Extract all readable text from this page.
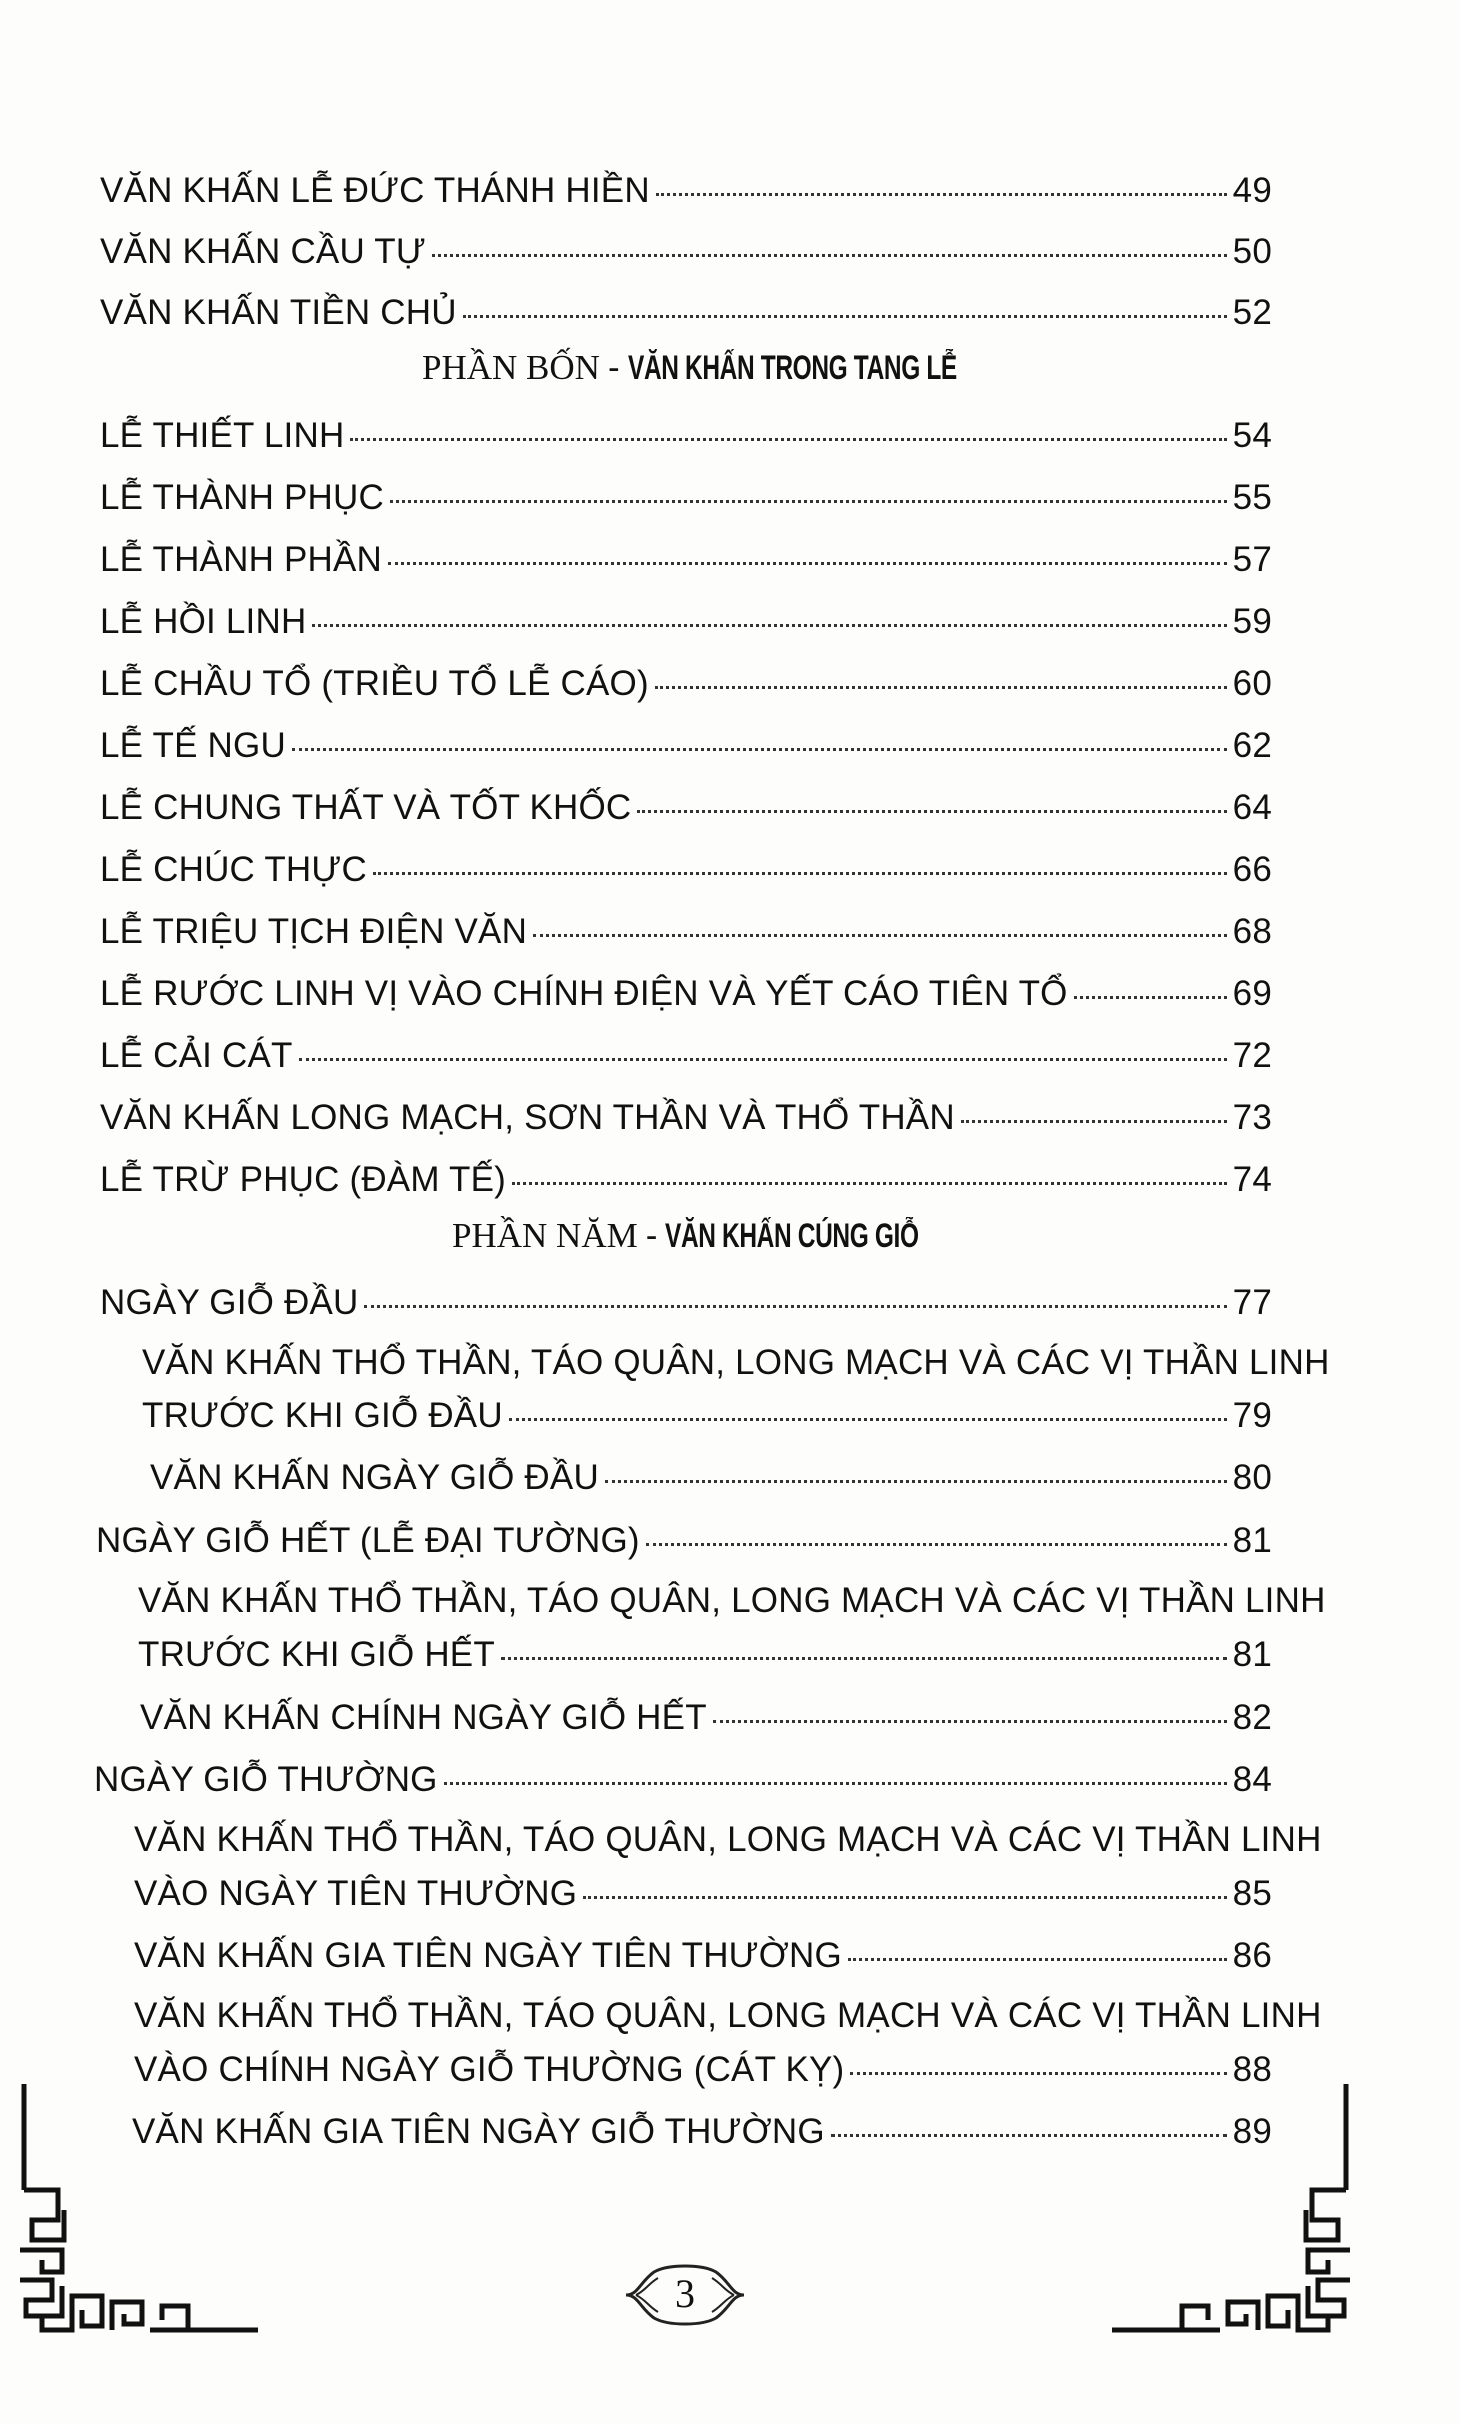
VĂN KHẤN LỄ ĐỨC THÁNH HIỀN	49
VĂN KHẤN CẦU TỰ	50
VĂN KHẤN TIỀN CHỦ	52
PHẦN BỐN - VĂN KHẤN TRONG TANG LỄ
LỄ THIẾT LINH	54
LỄ THÀNH PHỤC	55
LỄ THÀNH PHẦN	57
LỄ HỒI LINH	59
LỄ CHẦU TỔ (TRIỀU TỔ LỄ CÁO)	60
LỄ TẾ NGU	62
LỄ CHUNG THẤT VÀ TỐT KHỐC	64
LỄ CHÚC THỰC	66
LỄ TRIỆU TỊCH ĐIỆN VĂN	68
LỄ RƯỚC LINH VỊ VÀO CHÍNH ĐIỆN VÀ YẾT CÁO TIÊN TỔ	69
LỄ CẢI CÁT	72
VĂN KHẤN LONG MẠCH, SƠN THẦN VÀ THỔ THẦN	73
LỄ TRỪ PHỤC (ĐÀM TẾ)	74
PHẦN NĂM - VĂN KHẤN CÚNG GIỖ
NGÀY GIỖ ĐẦU	77
VĂN KHẤN THỔ THẦN, TÁO QUÂN, LONG MẠCH VÀ CÁC VỊ THẦN LINH
TRƯỚC KHI GIỖ ĐẦU	79
VĂN KHẤN NGÀY GIỖ ĐẦU	80
NGÀY GIỖ HẾT (LỄ ĐẠI TƯỜNG)	81
VĂN KHẤN THỔ THẦN, TÁO QUÂN, LONG MẠCH VÀ CÁC VỊ THẦN LINH
TRƯỚC KHI GIỖ HẾT	81
VĂN KHẤN CHÍNH NGÀY GIỖ HẾT	82
NGÀY GIỖ THƯỜNG	84
VĂN KHẤN THỔ THẦN, TÁO QUÂN, LONG MẠCH VÀ CÁC VỊ THẦN LINH
VÀO NGÀY TIÊN THƯỜNG	85
VĂN KHẤN GIA TIÊN NGÀY TIÊN THƯỜNG	86
VĂN KHẤN THỔ THẦN, TÁO QUÂN, LONG MẠCH VÀ CÁC VỊ THẦN LINH
VÀO CHÍNH NGÀY GIỖ THƯỜNG (CÁT KỴ)	88
VĂN KHẤN GIA TIÊN NGÀY GIỖ THƯỜNG	89
3
